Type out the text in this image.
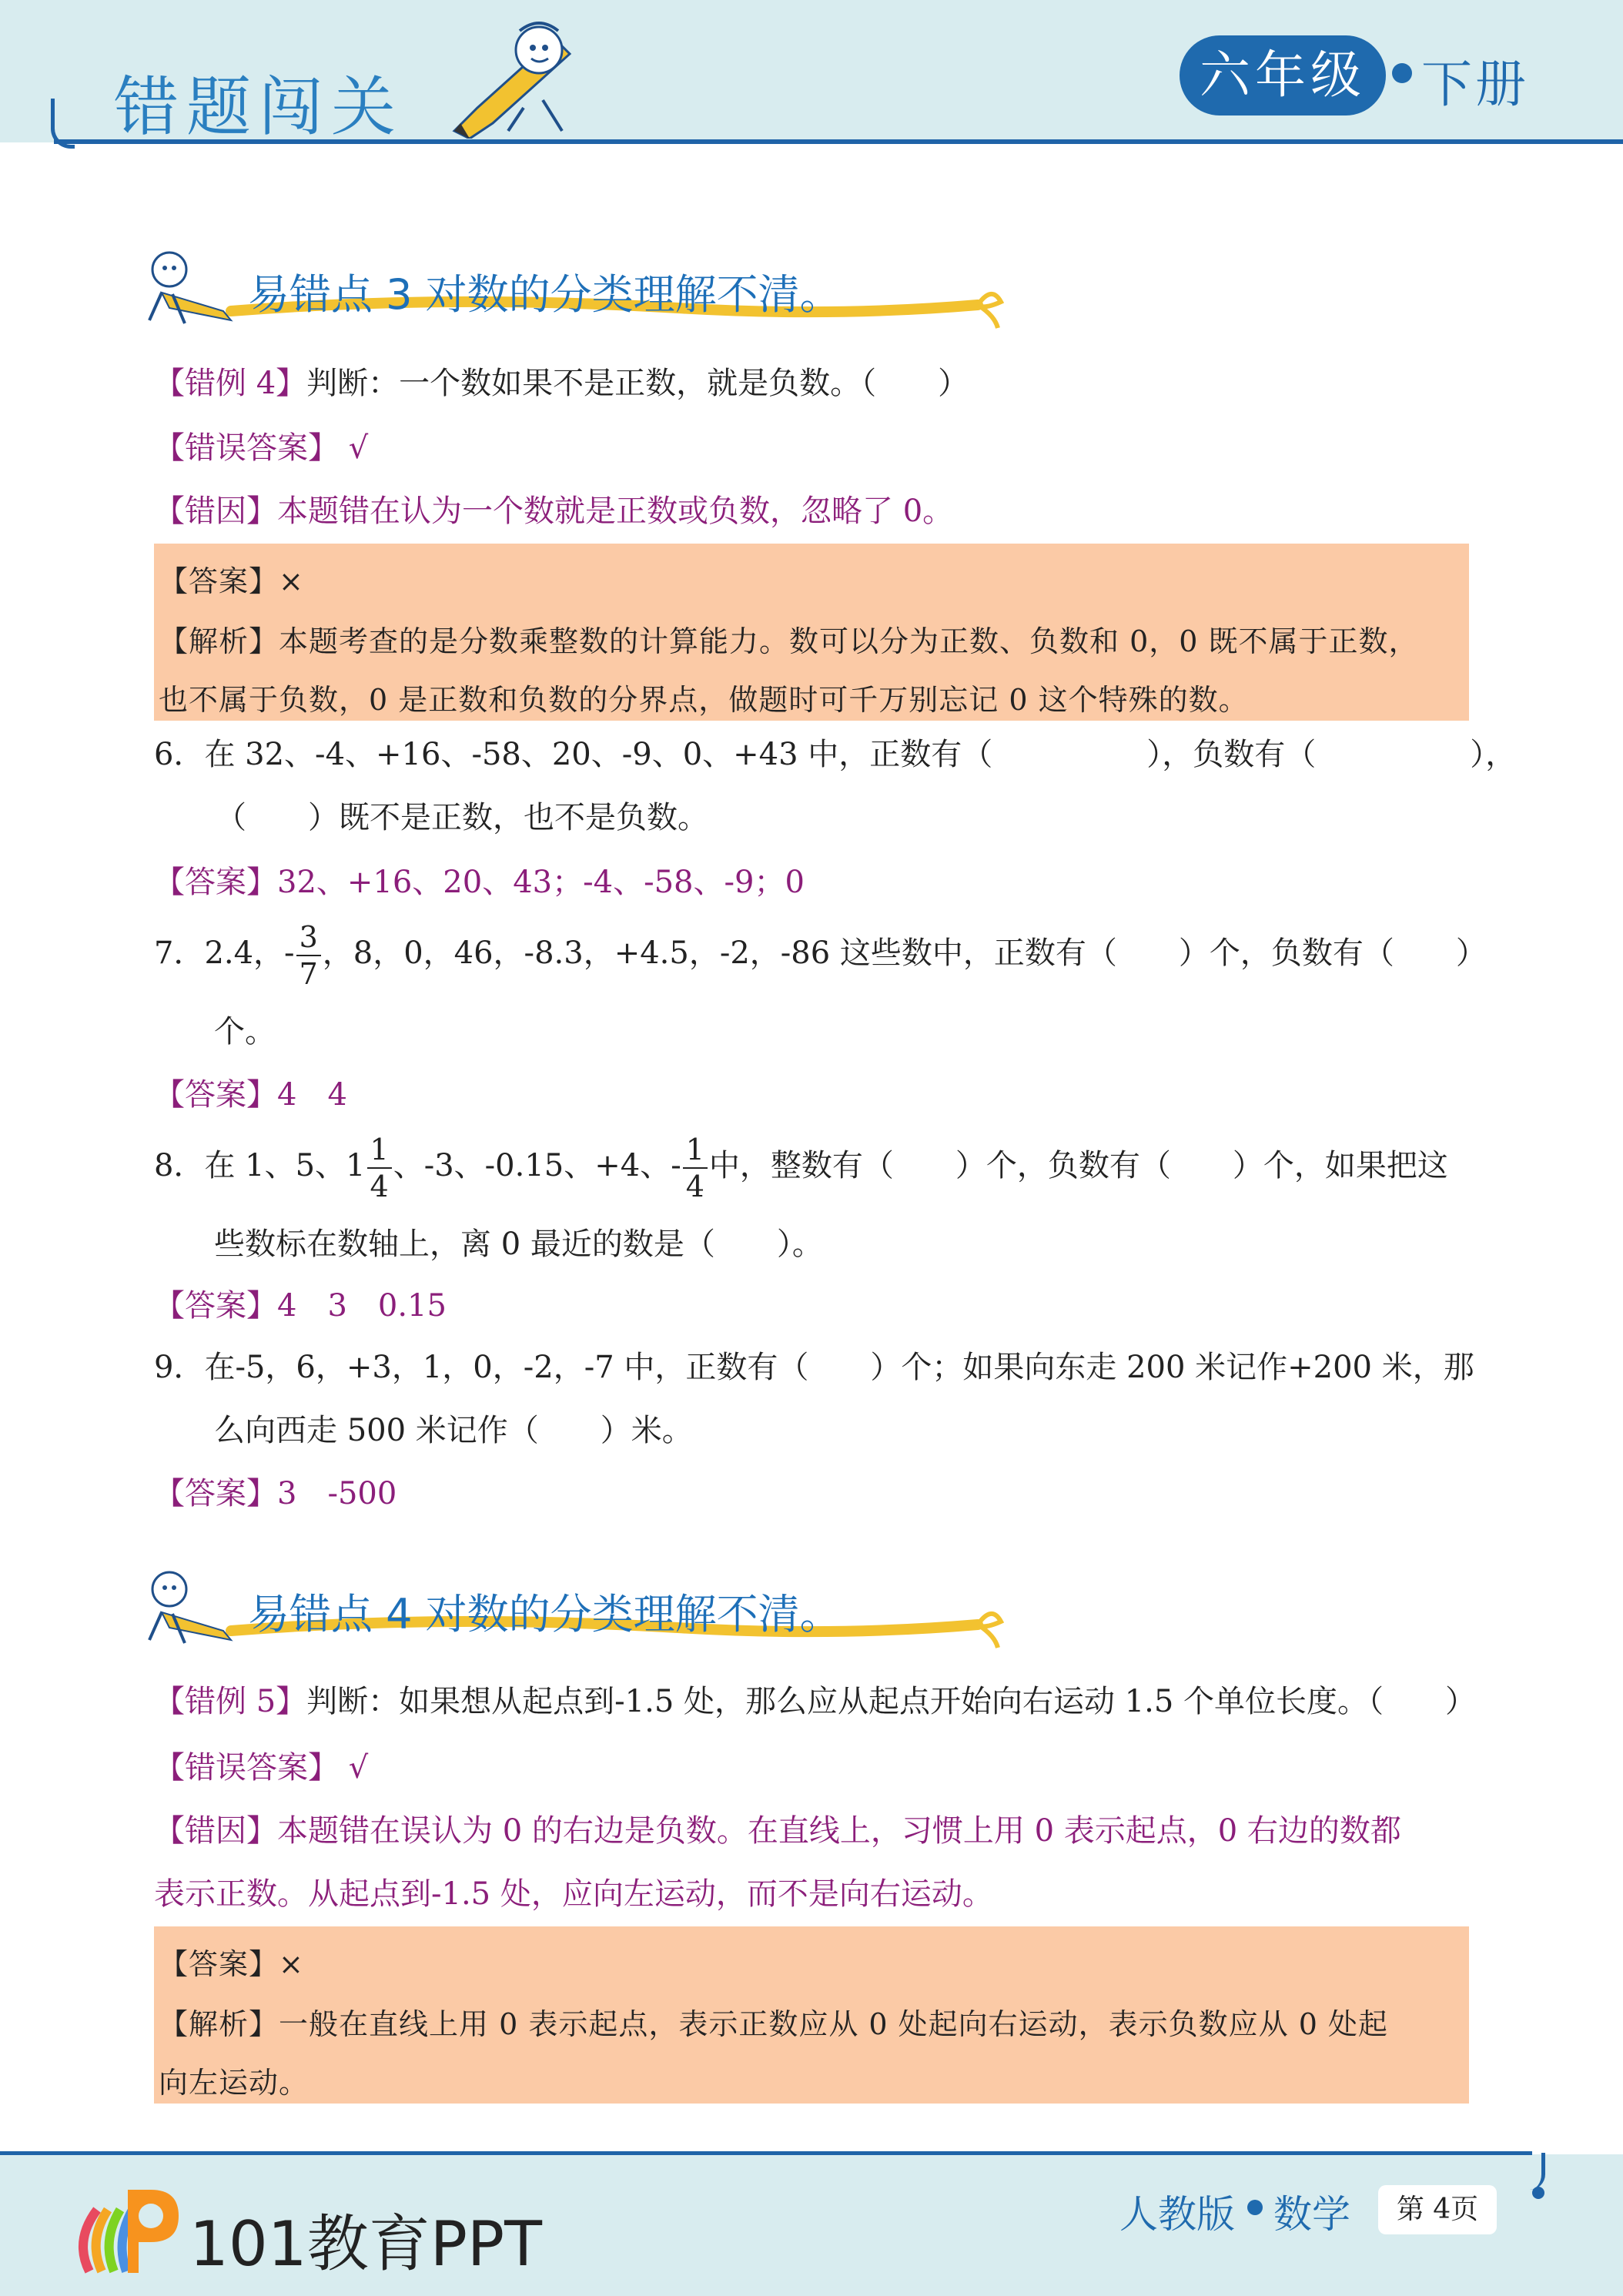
错题闯关	六年级	下册
易错点 3 对数的分类理解不清。
【错例 4】判断：一个数如果不是正数，就是负数。（　　）
【错误答案】 √
【错因】本题错在认为一个数就是正数或负数，忽略了 0。
【答案】×
【解析】本题考查的是分数乘整数的计算能力。数可以分为正数、负数和 0，0 既不属于正数，
也不属于负数，0 是正数和负数的分界点，做题时可千万别忘记 0 这个特殊的数。
6．在 32、-4、+16、-58、20、-9、0、+43 中，正数有（　　　　　），负数有（　　　　　），
（　　）既不是正数，也不是负数。
【答案】32、+16、20、43；-4、-58、-9；0
7．2.4，- $\frac{3}{7}$ ，8，0，46，-8.3，+4.5，-2，-86 这些数中，正数有（　　）个，负数有（　　）
个。
【答案】4　4
8．在 1、5、$1 \frac{1}{4}$ 、-3、-0.15、+4、- $\frac{1}{4}$ 中，整数有（　　）个，负数有（　　）个，如果把这
些数标在数轴上，离 0 最近的数是（　　）。
【答案】4　3　0.15
9．在-5，6，+3，1，0，-2，-7 中，正数有（　　）个；如果向东走 200 米记作+200 米，那
么向西走 500 米记作（　　）米。
【答案】3　-500
易错点 4 对数的分类理解不清。
【错例 5】判断：如果想从起点到-1.5 处，那么应从起点开始向右运动 1.5 个单位长度。（　　）
【错误答案】 √
【错因】本题错在误认为 0 的右边是负数。在直线上，习惯上用 0 表示起点，0 右边的数都
表示正数。从起点到-1.5 处，应向左运动，而不是向右运动。
【答案】×
【解析】一般在直线上用 0 表示起点，表示正数应从 0 处起向右运动，表示负数应从 0 处起
向左运动。
101教育PPT	人教版 数学	第 4页
